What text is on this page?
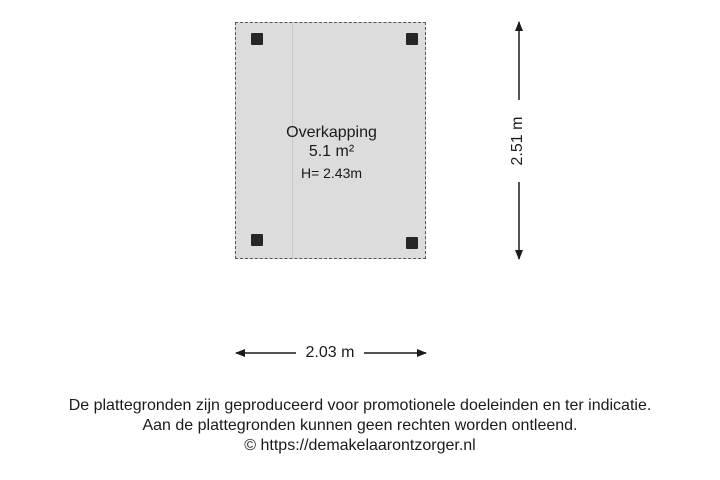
Overkapping
5.1 m²
H= 2.43m
2.03 m
2.51 m
De plattegronden zijn geproduceerd voor promotionele doeleinden en ter indicatie.
Aan de plattegronden kunnen geen rechten worden ontleend.
© https://demakelaarontzorger.nl
